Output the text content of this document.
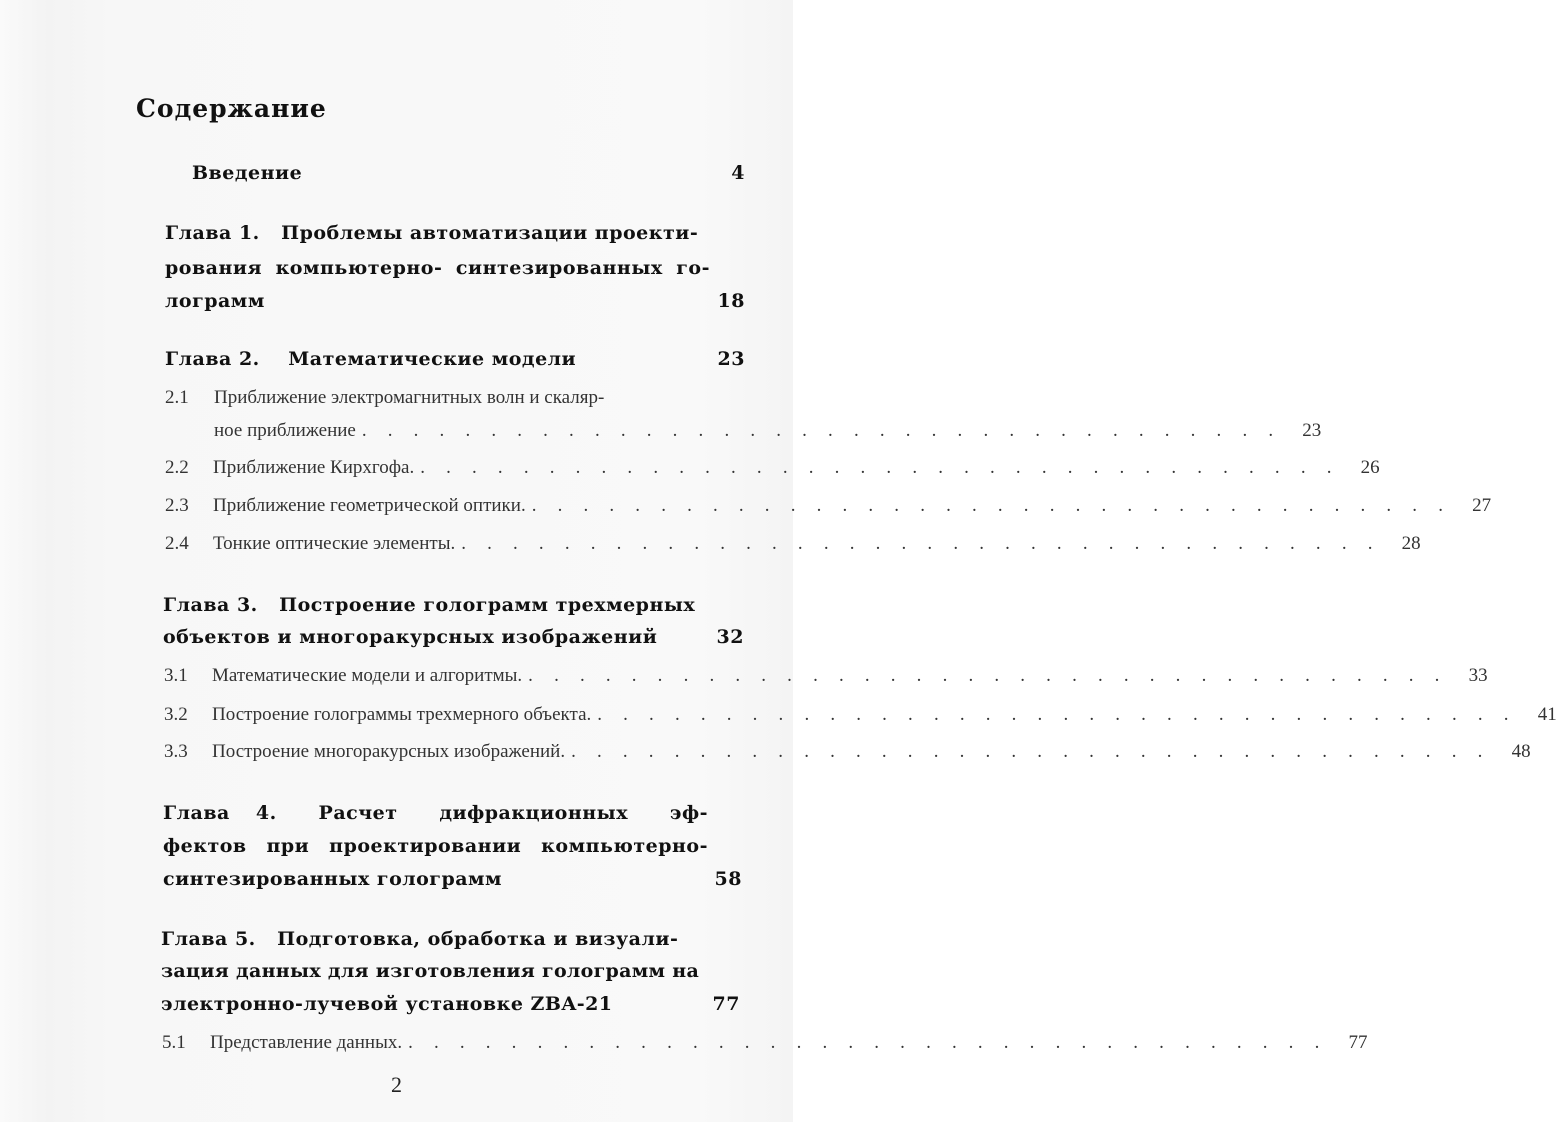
Содержание
Введение	4
Глава 1. Проблемы автоматизации проекти-
рования компьютерно- синтезированных го-
лограмм	18
Глава 2. Математические модели	23
2.1 Приближение электромагнитных волн и скаляр-
ное приближение . . . . . . . . . . . . . . . . . . . . . . . . . . . . . . . . . . . .	23
2.2	Приближение Кирхгофа. . . . . . . . . . . . . . . . . . . . . . . . . . . . . . . . . . . . .	26
2.3	Приближение геометрической оптики. . . . . . . . . . . . . . . . . . . . . . . . . . . . . . . . . . . . .	27
2.4	Тонкие оптические элементы. . . . . . . . . . . . . . . . . . . . . . . . . . . . . . . . . . . . .	28
Глава 3. Построение голограмм трехмерных
объектов и многоракурсных изображений	32
3.1	Математические модели и алгоритмы. . . . . . . . . . . . . . . . . . . . . . . . . . . . . . . . . . . . .	33
3.2	Построение голограммы трехмерного объекта. . . . . . . . . . . . . . . . . . . . . . . . . . . . . . . . . . . . .	41
3.3	Построение многоракурсных изображений. . . . . . . . . . . . . . . . . . . . . . . . . . . . . . . . . . . . .	48
Глава 4. Расчет дифракционных эф-
фектов при проектировании компьютерно-
синтезированных голограмм	58
Глава 5. Подготовка, обработка и визуали-
зация данных для изготовления голограмм на
электронно-лучевой установке ZBA-21	77
5.1	Представление данных. . . . . . . . . . . . . . . . . . . . . . . . . . . . . . . . . . . . .	77
2
